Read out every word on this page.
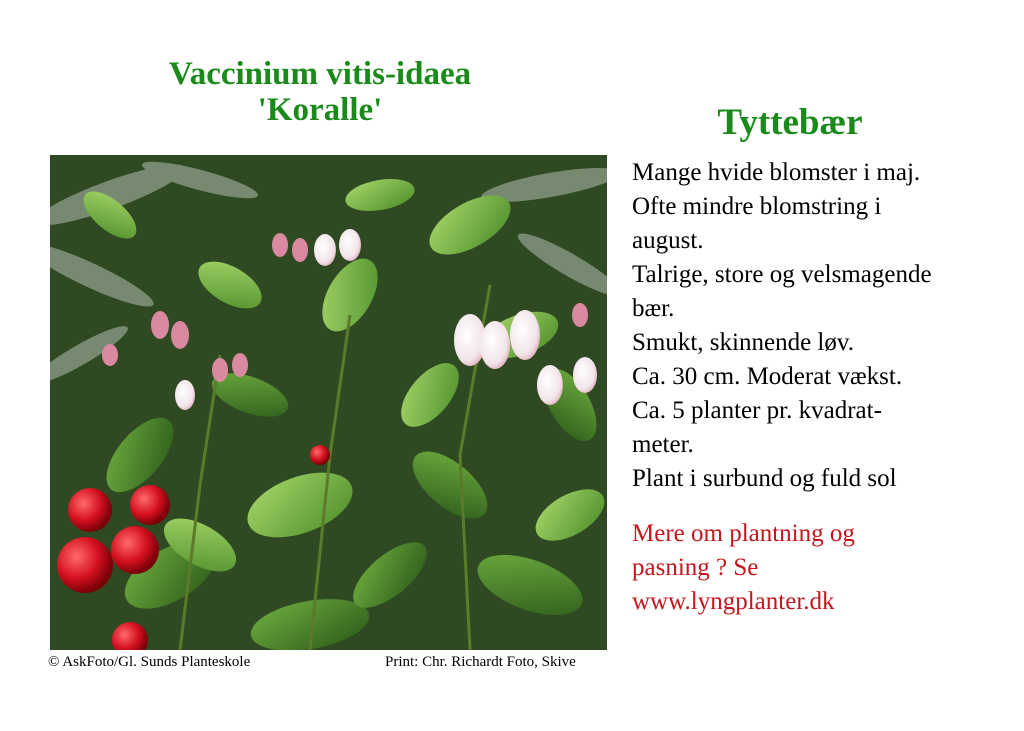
Vaccinium vitis-idaea
'Koralle'	Tyttebær
© AskFoto/Gl. Sunds Planteskole	Print: Chr. Richardt Foto, Skive
Mange hvide blomster i maj.
Ofte mindre blomstring i
august.
Talrige, store og velsmagende
bær.
Smukt, skinnende løv.
Ca. 30 cm. Moderat vækst.
Ca. 5 planter pr. kvadrat-
meter.
Plant i surbund og fuld sol
Mere om plantning og
pasning ? Se
www.lyngplanter.dk
